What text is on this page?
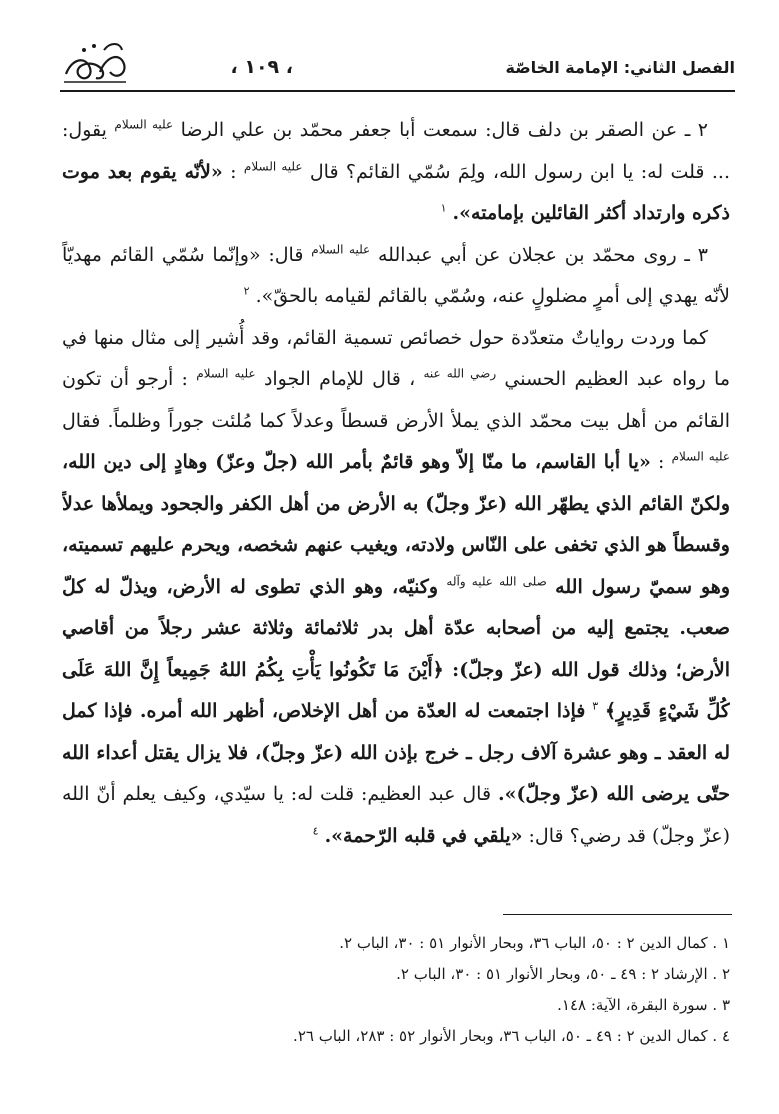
الفصل الثاني: الإمامة الخاصّة
، ١٠٩ ،

٢ ـ عن الصقر بن دلف قال: سمعت أبا جعفر محمّد بن علي الرضا $^{عليه السلام}$ يقول: ... قلت له: يا ابن رسول الله، ولِمَ سُمّي القائم؟ قال $^{عليه السلام}$ : «لأنّه يقوم بعد موت ذكره وارتداد أكثر القائلين بإمامته». $^١$

٣ ـ روى محمّد بن عجلان عن أبي عبدالله $^{عليه السلام}$ قال: «وإنّما سُمّي القائم مهديّاً لأنّه يهدي إلى أمرٍ مضلولٍ عنه، وسُمّي بالقائم لقيامه بالحقّ». $^٢$

كما وردت رواياتٌ متعدّدة حول خصائص تسمية القائم، وقد أُشير إلى مثال منها في ما رواه عبد العظيم الحسني $^{رضي الله عنه}$ ، قال للإمام الجواد $^{عليه السلام}$ : أرجو أن تكون القائم من أهل بيت محمّد الذي يملأ الأرض قسطاً وعدلاً كما مُلئت جوراً وظلماً. فقال $^{عليه السلام}$ : «يا أبا القاسم، ما منّا إلاّ وهو قائمٌ بأمر الله (جلّ وعزّ) وهادٍ إلى دين الله، ولكنّ القائم الذي يطهّر الله (عزّ وجلّ) به الأرض من أهل الكفر والجحود ويملأها عدلاً وقسطاً هو الذي تخفى على النّاس ولادته، ويغيب عنهم شخصه، ويحرم عليهم تسميته، وهو سميّ رسول الله $^{صلى الله عليه وآله}$ وكنيّه، وهو الذي تطوى له الأرض، ويذلّ له كلّ صعب. يجتمع إليه من أصحابه عدّة أهل بدر ثلاثمائة وثلاثة عشر رجلاً من أقاصي الأرض؛ وذلك قول الله (عزّ وجلّ): ﴿أَيْنَ مَا تَكُونُوا يَأْتِ بِكُمُ اللهُ جَمِيعاً إِنَّ اللهَ عَلَى كُلِّ شَيْءٍ قَدِيرٍ﴾ $^٣$ فإذا اجتمعت له العدّة من أهل الإخلاص، أظهر الله أمره. فإذا كمل له العقد ـ وهو عشرة آلاف رجل ـ خرج بإذن الله (عزّ وجلّ)، فلا يزال يقتل أعداء الله حتّى يرضى الله (عزّ وجلّ)». قال عبد العظيم: قلت له: يا سيّدي، وكيف يعلم أنّ الله (عزّ وجلّ) قد رضي؟ قال: «يلقي في قلبه الرّحمة». $^٤$

١ . كمال الدين ٢ : ٥٠، الباب ٣٦، وبحار الأنوار ٥١ : ٣٠، الباب ٢.
٢ . الإرشاد ٢ : ٤٩ ـ ٥٠، وبحار الأنوار ٥١ : ٣٠، الباب ٢.
٣ . سورة البقرة، الآية: ١٤٨.
٤ . كمال الدين ٢ : ٤٩ ـ ٥٠، الباب ٣٦، وبحار الأنوار ٥٢ : ٢٨٣، الباب ٢٦.
